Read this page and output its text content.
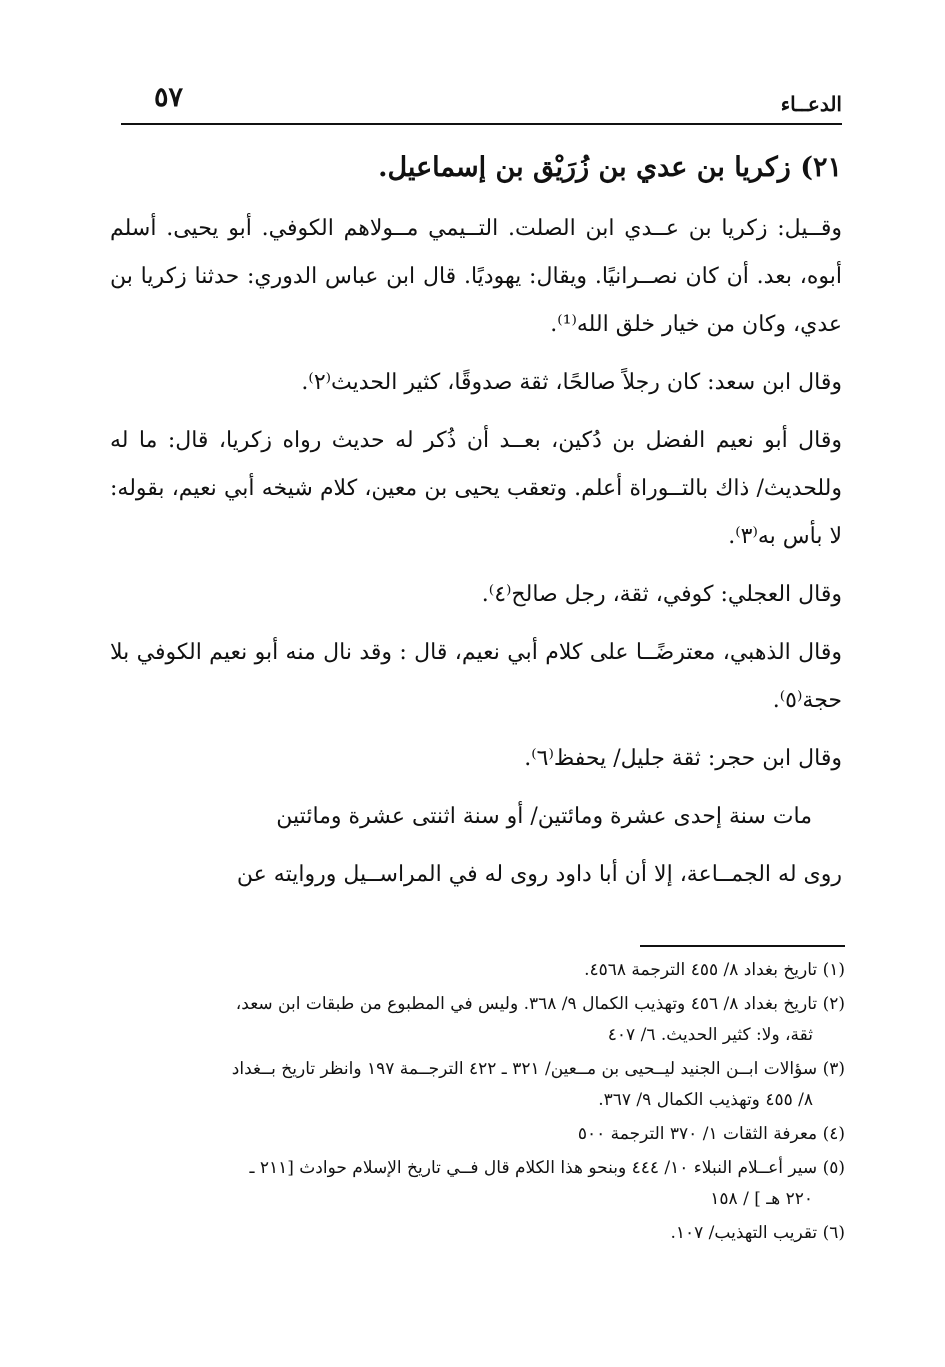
الدعــاء
٥٧
٢١) زكريا بن عدي بن زُرَيْق بن إسماعيل.

وقــيل: زكريا بن عــدي ابن الصلت. التــيمي مــولاهم الكوفي. أبو يحيى. أسلم أبوه، بعد. أن كان نصــرانيًا. ويقال: يهوديًا. قال ابن عباس الدوري: حدثنا زكريا بن عدي، وكان من خيار خلق الله⁽¹⁾.

وقال ابن سعد: كان رجلاً صالحًا، ثقة صدوقًا، كثير الحديث⁽٢⁾.

وقال أبو نعيم الفضل بن دُكين، بعــد أن ذُكر له حديث رواه زكريا، قال: ما له وللحديث/ ذاك بالتــوراة أعلم. وتعقب يحيى بن معين، كلام شيخه أبي نعيم، بقوله: لا بأس به⁽٣⁾.

وقال العجلي: كوفي، ثقة، رجل صالح⁽٤⁾.

وقال الذهبي، معترضًــا على كلام أبي نعيم، قال : وقد نال منه أبو نعيم الكوفي بلا حجة⁽٥⁾.

وقال ابن حجر: ثقة جليل/ يحفظ⁽٦⁾.

مات سنة إحدى عشرة ومائتين/ أو سنة اثنتى عشرة ومائتين

روى له الجمــاعة، إلا أن أبا داود روى له في المراســيل وروايته عن

(١) تاريخ بغداد ٨/ ٤٥٥ الترجمة ٤٥٦٨.
(٢) تاريخ بغداد ٨/ ٤٥٦ وتهذيب الكمال ٩/ ٣٦٨. وليس في المطبوع من طبقات ابن سعد،
ثقة، ولا: كثير الحديث. ٦/ ٤٠٧
(٣) سؤالات ابــن الجنيد ليــحيى بن مــعين/ ٣٢١ ـ ٤٢٢ الترجــمة ١٩٧ وانظر تاريخ بــغداد
٨/ ٤٥٥ وتهذيب الكمال ٩/ ٣٦٧.
(٤) معرفة الثقات ١/ ٣٧٠ الترجمة ٥٠٠
(٥) سير أعــلام النبلاء ١٠/ ٤٤٤ وبنحو هذا الكلام قال فــي تاريخ الإسلام حوادث [٢١١ ـ
٢٢٠ هـ ] / ١٥٨
(٦) تقريب التهذيب/ ١٠٧.
